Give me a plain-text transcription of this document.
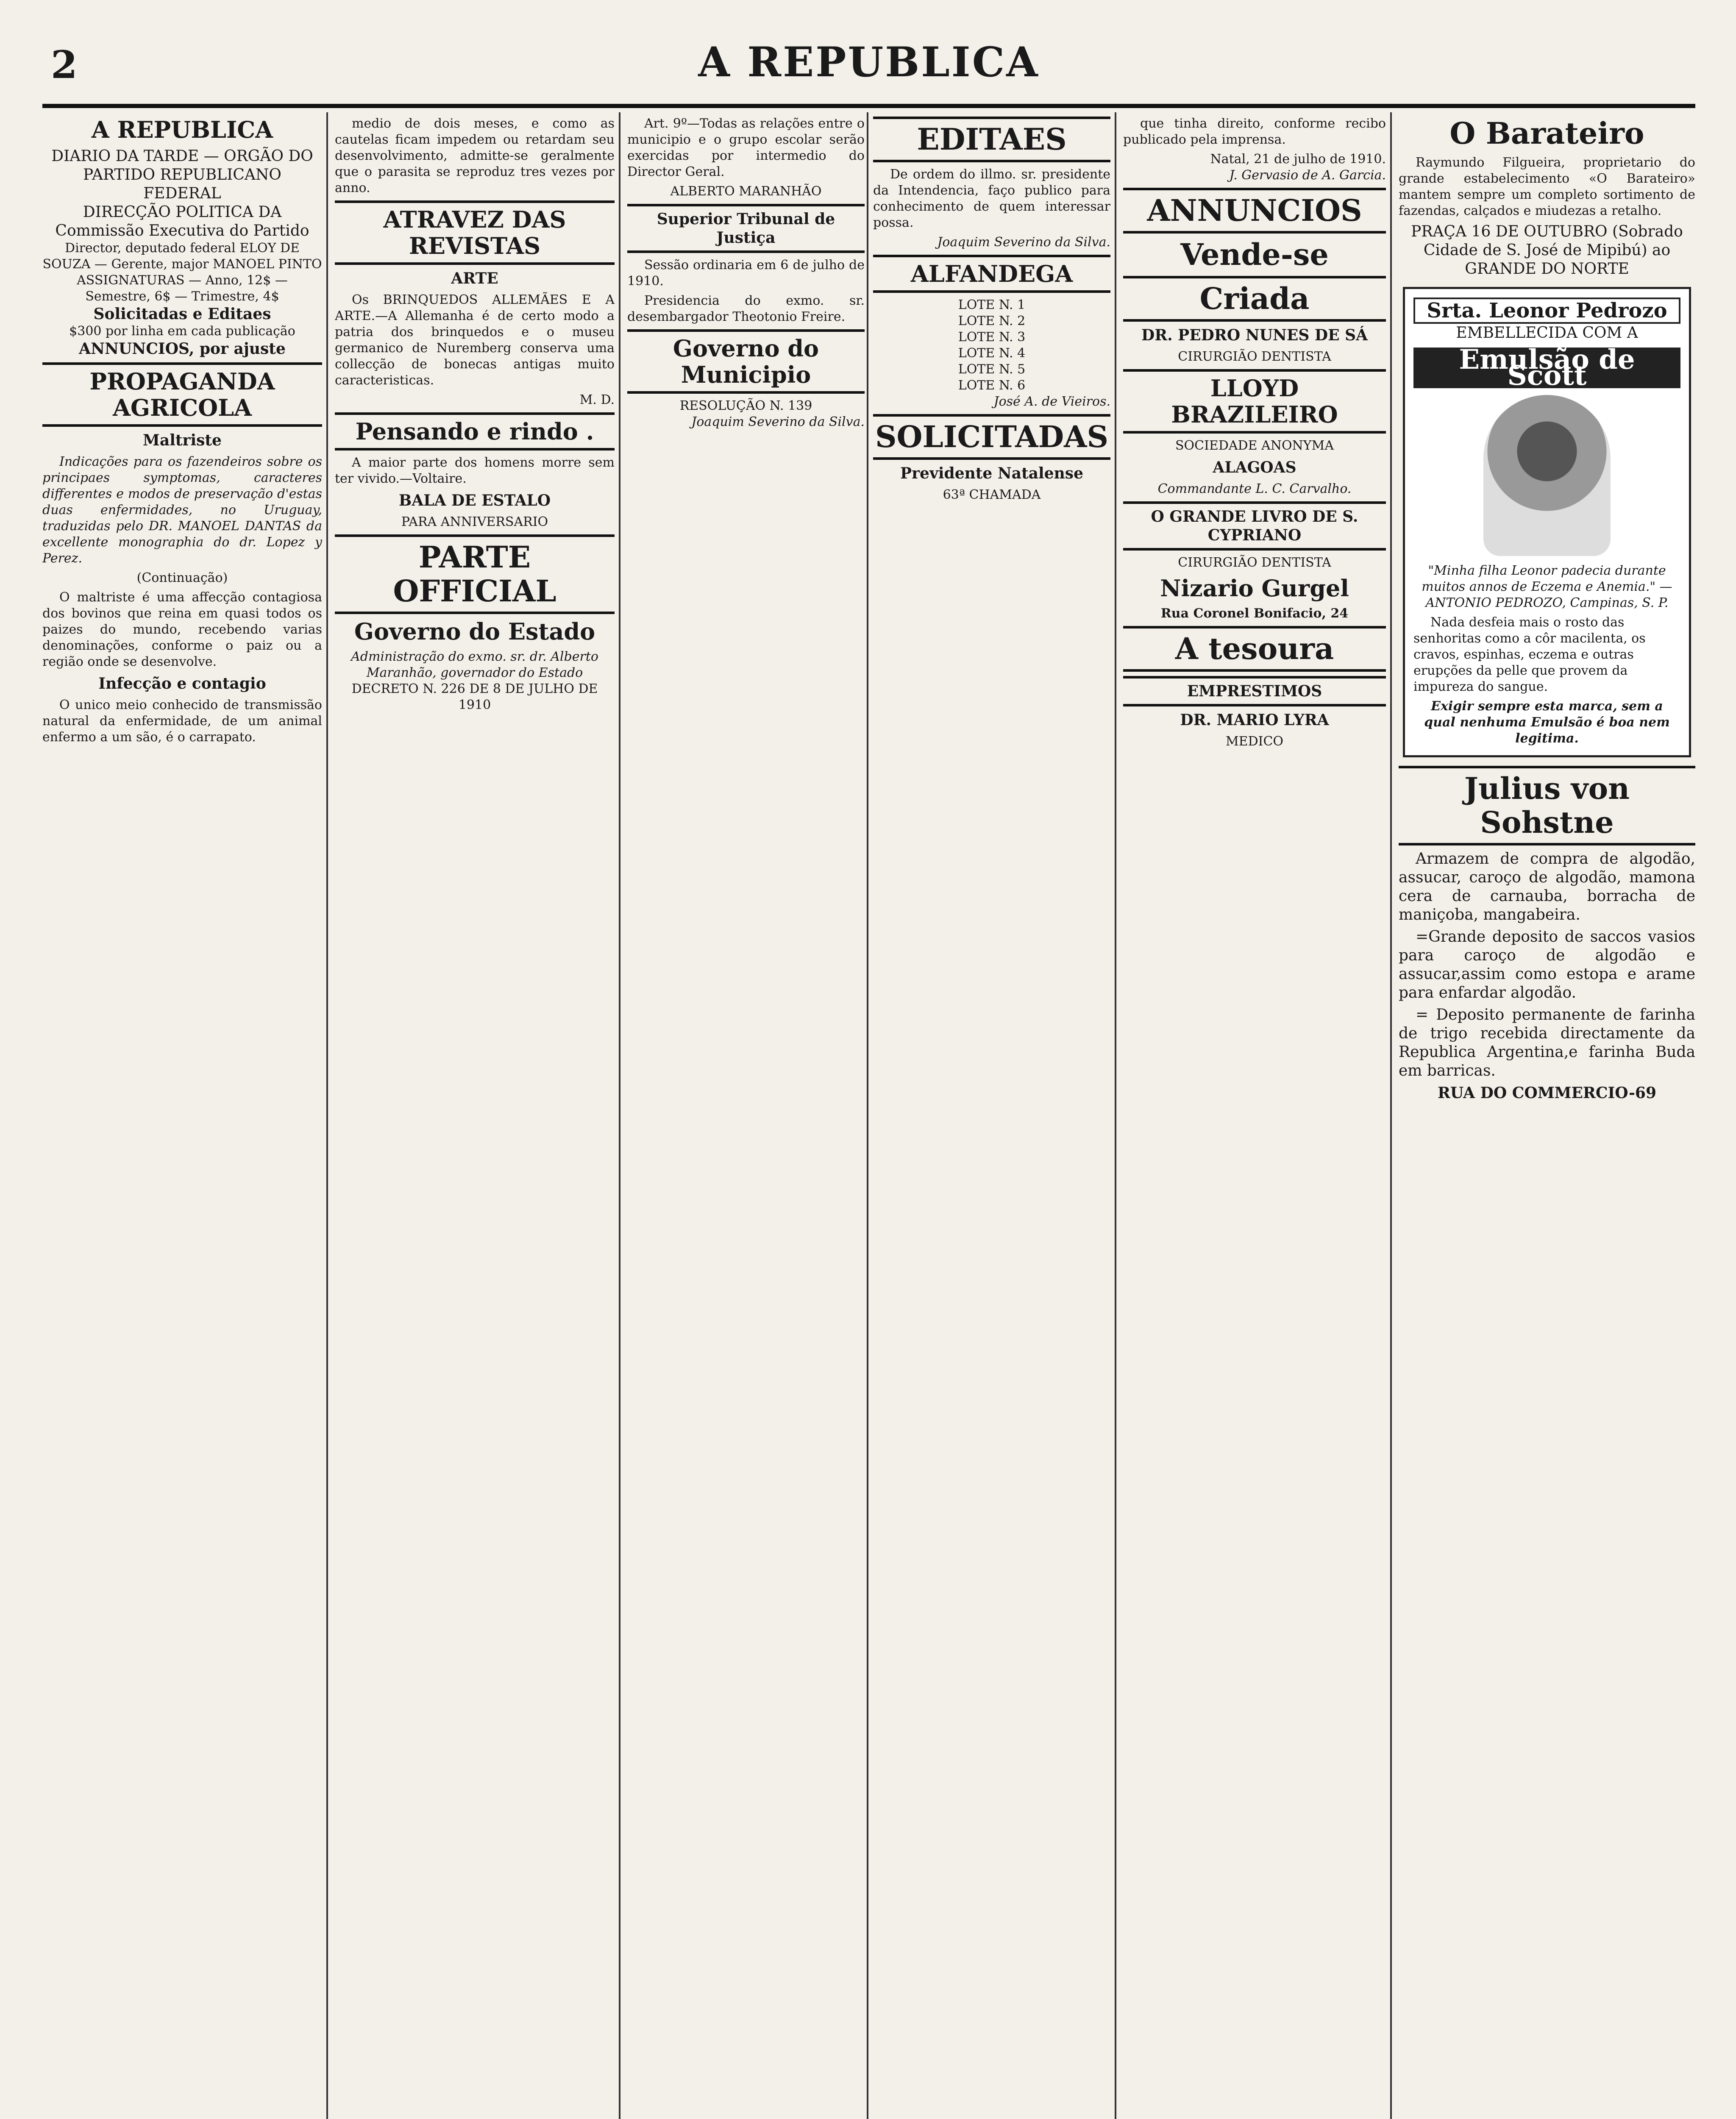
2	A REPUBLICA
A REPUBLICA
DIARIO DA TARDE — ORGÃO DO PARTIDO REPUBLICANO FEDERAL
DIRECÇÃO POLITICA DA Commissão Executiva do Partido
Director, deputado federal ELOY DE SOUZA — Gerente, major MANOEL PINTO
ASSIGNATURAS — Anno, 12$ — Semestre, 6$ — Trimestre, 4$
Solicitadas e Editaes
$300 por linha em cada publicação
ANNUNCIOS, por ajuste
PROPAGANDA AGRICOLA
Maltriste

Indicações para os fazendeiros sobre os principaes symptomas, caracteres differentes e modos de preservação d'estas duas enfermidades, no Uruguay, traduzidas pelo DR. MANOEL DANTAS da excellente monographia do dr. Lopez y Perez.

(Continuação)

O maltriste é uma affecção contagiosa dos bovinos que reina em quasi todos os paizes do mundo, recebendo varias denominações, conforme o paiz ou a região onde se desenvolve.

Infecção e contagio

O unico meio conhecido de transmissão natural da enfermidade, de um animal enfermo a um são, é o carrapato.

medio de dois meses, e como as cautelas ficam impedem ou retardam seu desenvolvimento, admitte-se geralmente que o parasita se reproduz tres vezes por anno.

ATRAVEZ DAS REVISTAS
ARTE

Os BRINQUEDOS ALLEMÃES E A ARTE.—A Allemanha é de certo modo a patria dos brinquedos e o museu germanico de Nuremberg conserva uma collecção de bonecas antigas muito caracteristicas.

M. D.
Pensando e rindo .

A maior parte dos homens morre sem ter vivido.—Voltaire.

BALA DE ESTALO
PARA ANNIVERSARIO
PARTE OFFICIAL
Governo do Estado
Administração do exmo. sr. dr. Alberto Maranhão, governador do Estado
DECRETO N. 226 DE 8 DE JULHO DE 1910

Art. 9º—Todas as relações entre o municipio e o grupo escolar serão exercidas por intermedio do Director Geral.

ALBERTO MARANHÃO
Superior Tribunal de Justiça

Sessão ordinaria em 6 de julho de 1910.

Presidencia do exmo. sr. desembargador Theotonio Freire.

Governo do Municipio
RESOLUÇÃO N. 139
Joaquim Severino da Silva.
EDITAES

De ordem do illmo. sr. presidente da Intendencia, faço publico para conhecimento de quem interessar possa.

Joaquim Severino da Silva.
ALFANDEGA
LOTE N. 1
LOTE N. 2
LOTE N. 3
LOTE N. 4
LOTE N. 5
LOTE N. 6
José A. de Vieiros.
SOLICITADAS
Previdente Natalense
63ª CHAMADA

que tinha direito, conforme recibo publicado pela imprensa.

Natal, 21 de julho de 1910.
J. Gervasio de A. Garcia.
ANNUNCIOS
Vende-se
Criada
DR. PEDRO NUNES DE SÁ
CIRURGIÃO DENTISTA
LLOYD BRAZILEIRO
SOCIEDADE ANONYMA
ALAGOAS
Commandante L. C. Carvalho.
O GRANDE LIVRO DE S. CYPRIANO
CIRURGIÃO DENTISTA
Nizario Gurgel
Rua Coronel Bonifacio, 24
A tesoura
EMPRESTIMOS
DR. MARIO LYRA
MEDICO
O Barateiro

Raymundo Filgueira, proprietario do grande estabelecimento «O Barateiro» mantem sempre um completo sortimento de fazendas, calçados e miudezas a retalho.

PRAÇA 16 DE OUTUBRO (Sobrado Cidade de S. José de Mipibú) ao GRANDE DO NORTE
Srta. Leonor Pedrozo
EMBELLECIDA COM A
Emulsão de Scott
"Minha filha Leonor padecia durante muitos annos de Eczema e Anemia." —ANTONIO PEDROZO, Campinas, S. P.

Nada desfeia mais o rosto das senhoritas como a côr macilenta, os cravos, espinhas, eczema e outras erupções da pelle que provem da impureza do sangue.

Exigir sempre esta marca, sem a qual nenhuma Emulsão é boa nem legitima.
Julius von Sohstne

Armazem de compra de algodão, assucar, caroço de algodão, mamona cera de carnauba, borracha de maniçoba, mangabeira.

=Grande deposito de saccos vasios para caroço de algodão e assucar,assim como estopa e arame para enfardar algodão.

= Deposito permanente de farinha de trigo recebida directamente da Republica Argentina,e farinha Buda em barricas.

RUA DO COMMERCIO-69
